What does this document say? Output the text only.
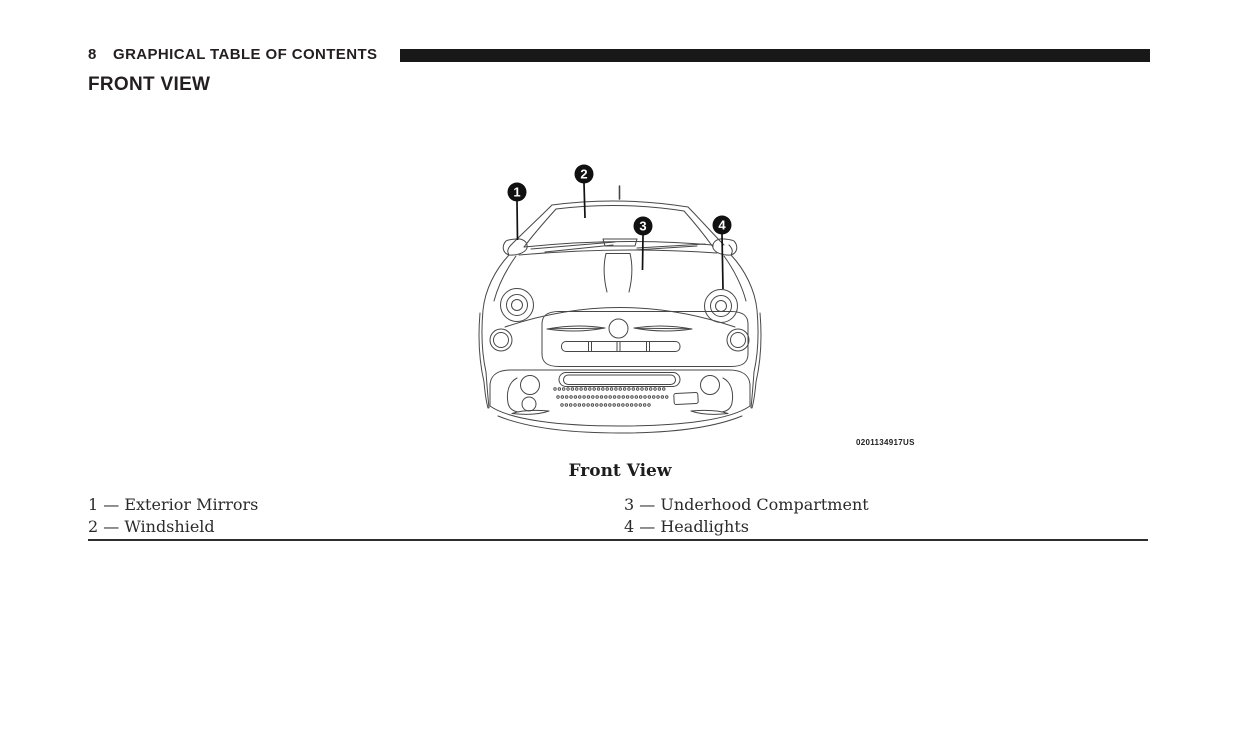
8 GRAPHICAL TABLE OF CONTENTS
FRONT VIEW
1
2
3	4
0201134917US
Front View
1 — Exterior Mirrors
2 — Windshield
3 — Underhood Compartment
4 — Headlights
